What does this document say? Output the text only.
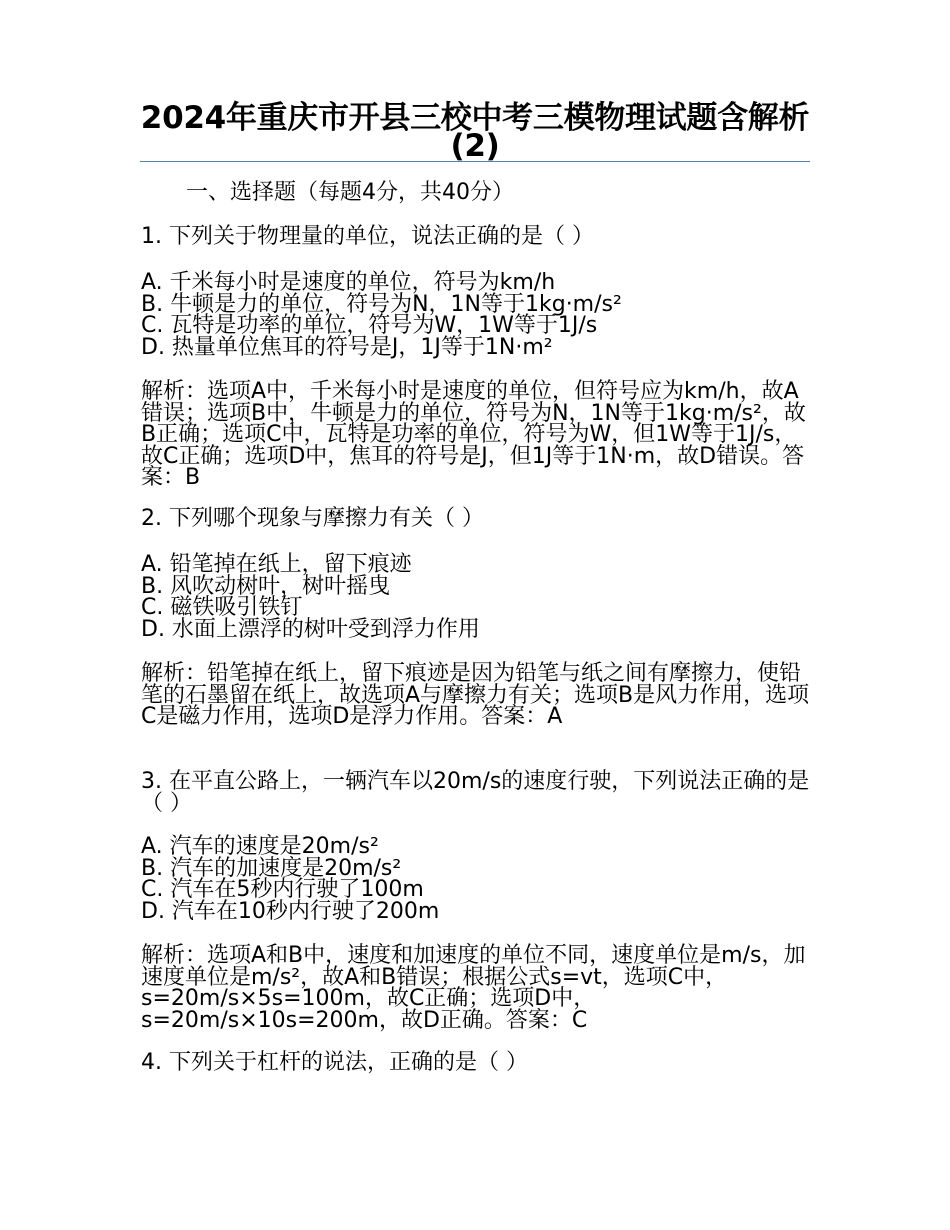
2024年重庆市开县三校中考三模物理试题含解析(2)
一、选择题（每题4分，共40分）

1. 下列关于物理量的单位，说法正确的是（ ）

A. 千米每小时是速度的单位，符号为km/h

B. 牛顿是力的单位，符号为N，1N等于1kg·m/s²

C. 瓦特是功率的单位，符号为W，1W等于1J/s

D. 热量单位焦耳的符号是J，1J等于1N·m²

解析：选项A中，千米每小时是速度的单位，但符号应为km/h，故A错误；选项B中，牛顿是力的单位，符号为N，1N等于1kg·m/s²，故B正确；选项C中，瓦特是功率的单位，符号为W，但1W等于1J/s，故C正确；选项D中，焦耳的符号是J，但1J等于1N·m，故D错误。答案：B

2. 下列哪个现象与摩擦力有关（ ）

A. 铅笔掉在纸上，留下痕迹

B. 风吹动树叶，树叶摇曳

C. 磁铁吸引铁钉

D. 水面上漂浮的树叶受到浮力作用

解析：铅笔掉在纸上，留下痕迹是因为铅笔与纸之间有摩擦力，使铅笔的石墨留在纸上，故选项A与摩擦力有关；选项B是风力作用，选项C是磁力作用，选项D是浮力作用。答案：A

3. 在平直公路上，一辆汽车以20m/s的速度行驶，下列说法正确的是（ ）

A. 汽车的速度是20m/s²

B. 汽车的加速度是20m/s²

C. 汽车在5秒内行驶了100m

D. 汽车在10秒内行驶了200m

解析：选项A和B中，速度和加速度的单位不同，速度单位是m/s，加速度单位是m/s²，故A和B错误；根据公式s=vt，选项C中，s=20m/s×5s=100m，故C正确；选项D中，s=20m/s×10s=200m，故D正确。答案：C

4. 下列关于杠杆的说法，正确的是（ ）
